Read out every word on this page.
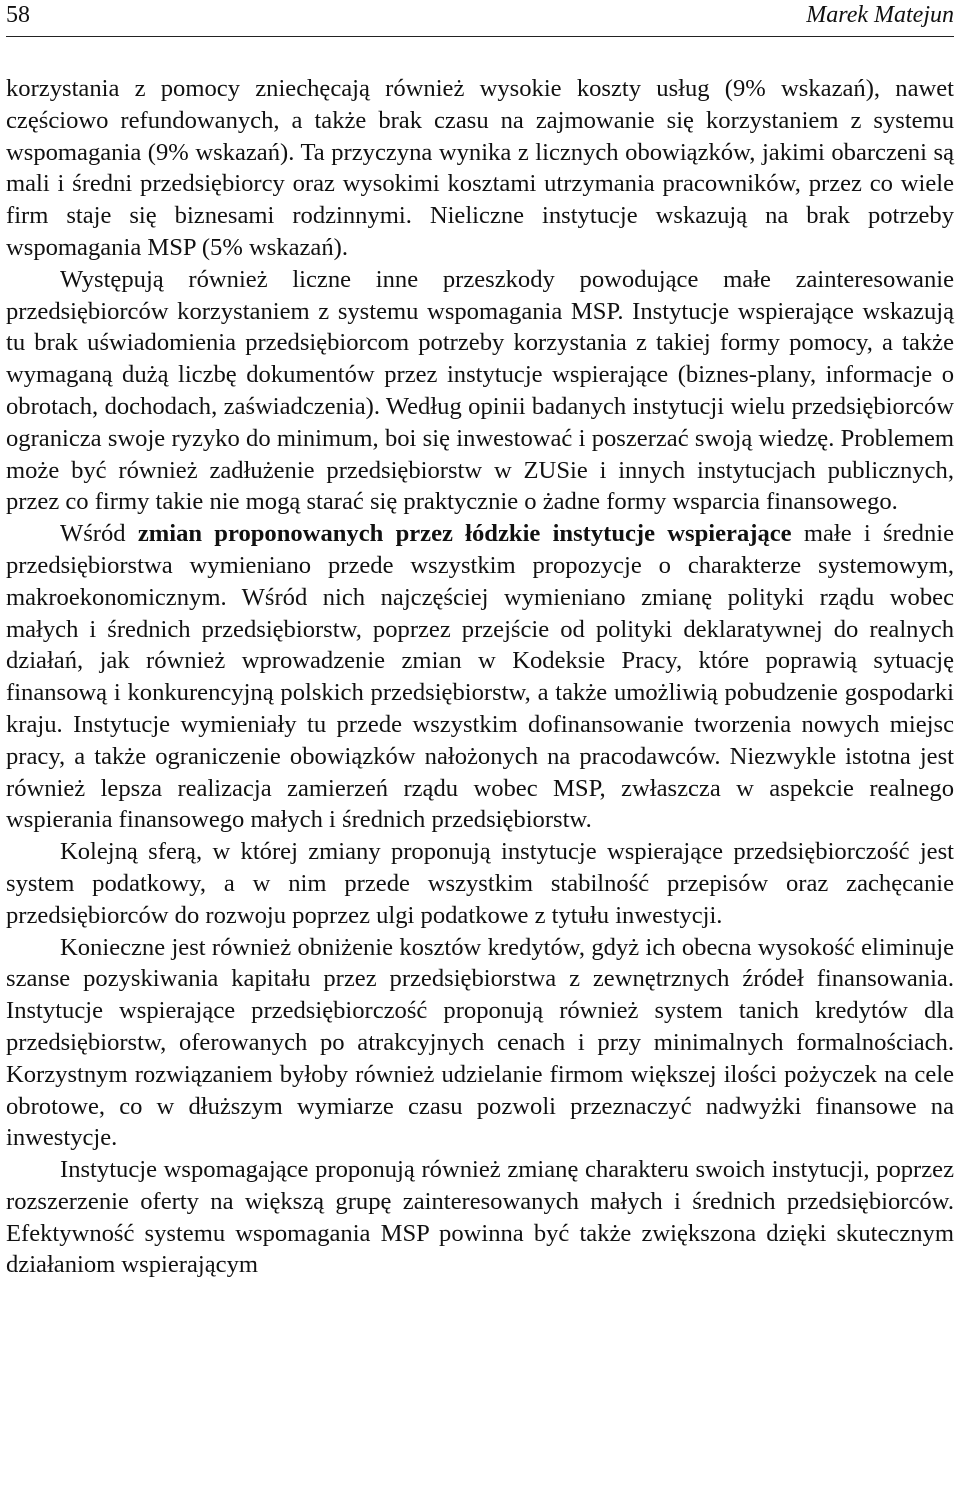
58	Marek Matejun

korzystania z pomocy zniechęcają również wysokie koszty usług (9% wskazań), nawet częściowo refundowanych, a także brak czasu na zajmowanie się korzystaniem z systemu wspomagania (9% wskazań). Ta przyczyna wynika z licznych obowiązków, jakimi obarczeni są mali i średni przedsiębiorcy oraz wysokimi kosztami utrzymania pracowników, przez co wiele firm staje się biznesami rodzinnymi. Nieliczne instytucje wskazują na brak potrzeby wspomagania MSP (5% wskazań).

Występują również liczne inne przeszkody powodujące małe zainteresowanie przedsiębiorców korzystaniem z systemu wspomagania MSP. Instytucje wspierające wskazują tu brak uświadomienia przedsiębiorcom potrzeby korzystania z takiej formy pomocy, a także wymaganą dużą liczbę dokumentów przez instytucje wspierające (biznes-plany, informacje o obrotach, dochodach, zaświadczenia). Według opinii badanych instytucji wielu przedsiębiorców ogranicza swoje ryzyko do minimum, boi się inwestować i poszerzać swoją wiedzę. Problemem może być również zadłużenie przedsiębiorstw w ZUSie i innych instytucjach publicznych, przez co firmy takie nie mogą starać się praktycznie o żadne formy wsparcia finansowego.

Wśród zmian proponowanych przez łódzkie instytucje wspierające małe i średnie przedsiębiorstwa wymieniano przede wszystkim propozycje o charakterze systemowym, makroekonomicznym. Wśród nich najczęściej wymieniano zmianę polityki rządu wobec małych i średnich przedsiębiorstw, poprzez przejście od polityki deklaratywnej do realnych działań, jak również wprowadzenie zmian w Kodeksie Pracy, które poprawią sytuację finansową i konkurencyjną polskich przedsiębiorstw, a także umożliwią pobudzenie gospodarki kraju. Instytucje wymieniały tu przede wszystkim dofinansowanie tworzenia nowych miejsc pracy, a także ograniczenie obowiązków nałożonych na pracodawców. Niezwykle istotna jest również lepsza realizacja zamierzeń rządu wobec MSP, zwłaszcza w aspekcie realnego wspierania finansowego małych i średnich przedsiębiorstw.

Kolejną sferą, w której zmiany proponują instytucje wspierające przedsiębiorczość jest system podatkowy, a w nim przede wszystkim stabilność przepisów oraz zachęcanie przedsiębiorców do rozwoju poprzez ulgi podatkowe z tytułu inwestycji.

Konieczne jest również obniżenie kosztów kredytów, gdyż ich obecna wysokość eliminuje szanse pozyskiwania kapitału przez przedsiębiorstwa z zewnętrznych źródeł finansowania. Instytucje wspierające przedsiębiorczość proponują również system tanich kredytów dla przedsiębiorstw, oferowanych po atrakcyjnych cenach i przy minimalnych formalnościach. Korzystnym rozwiązaniem byłoby również udzielanie firmom większej ilości pożyczek na cele obrotowe, co w dłuższym wymiarze czasu pozwoli przeznaczyć nadwyżki finansowe na inwestycje.

Instytucje wspomagające proponują również zmianę charakteru swoich instytucji, poprzez rozszerzenie oferty na większą grupę zainteresowanych małych i średnich przedsiębiorców. Efektywność systemu wspomagania MSP powinna być także zwiększona dzięki skutecznym działaniom wspierającym
